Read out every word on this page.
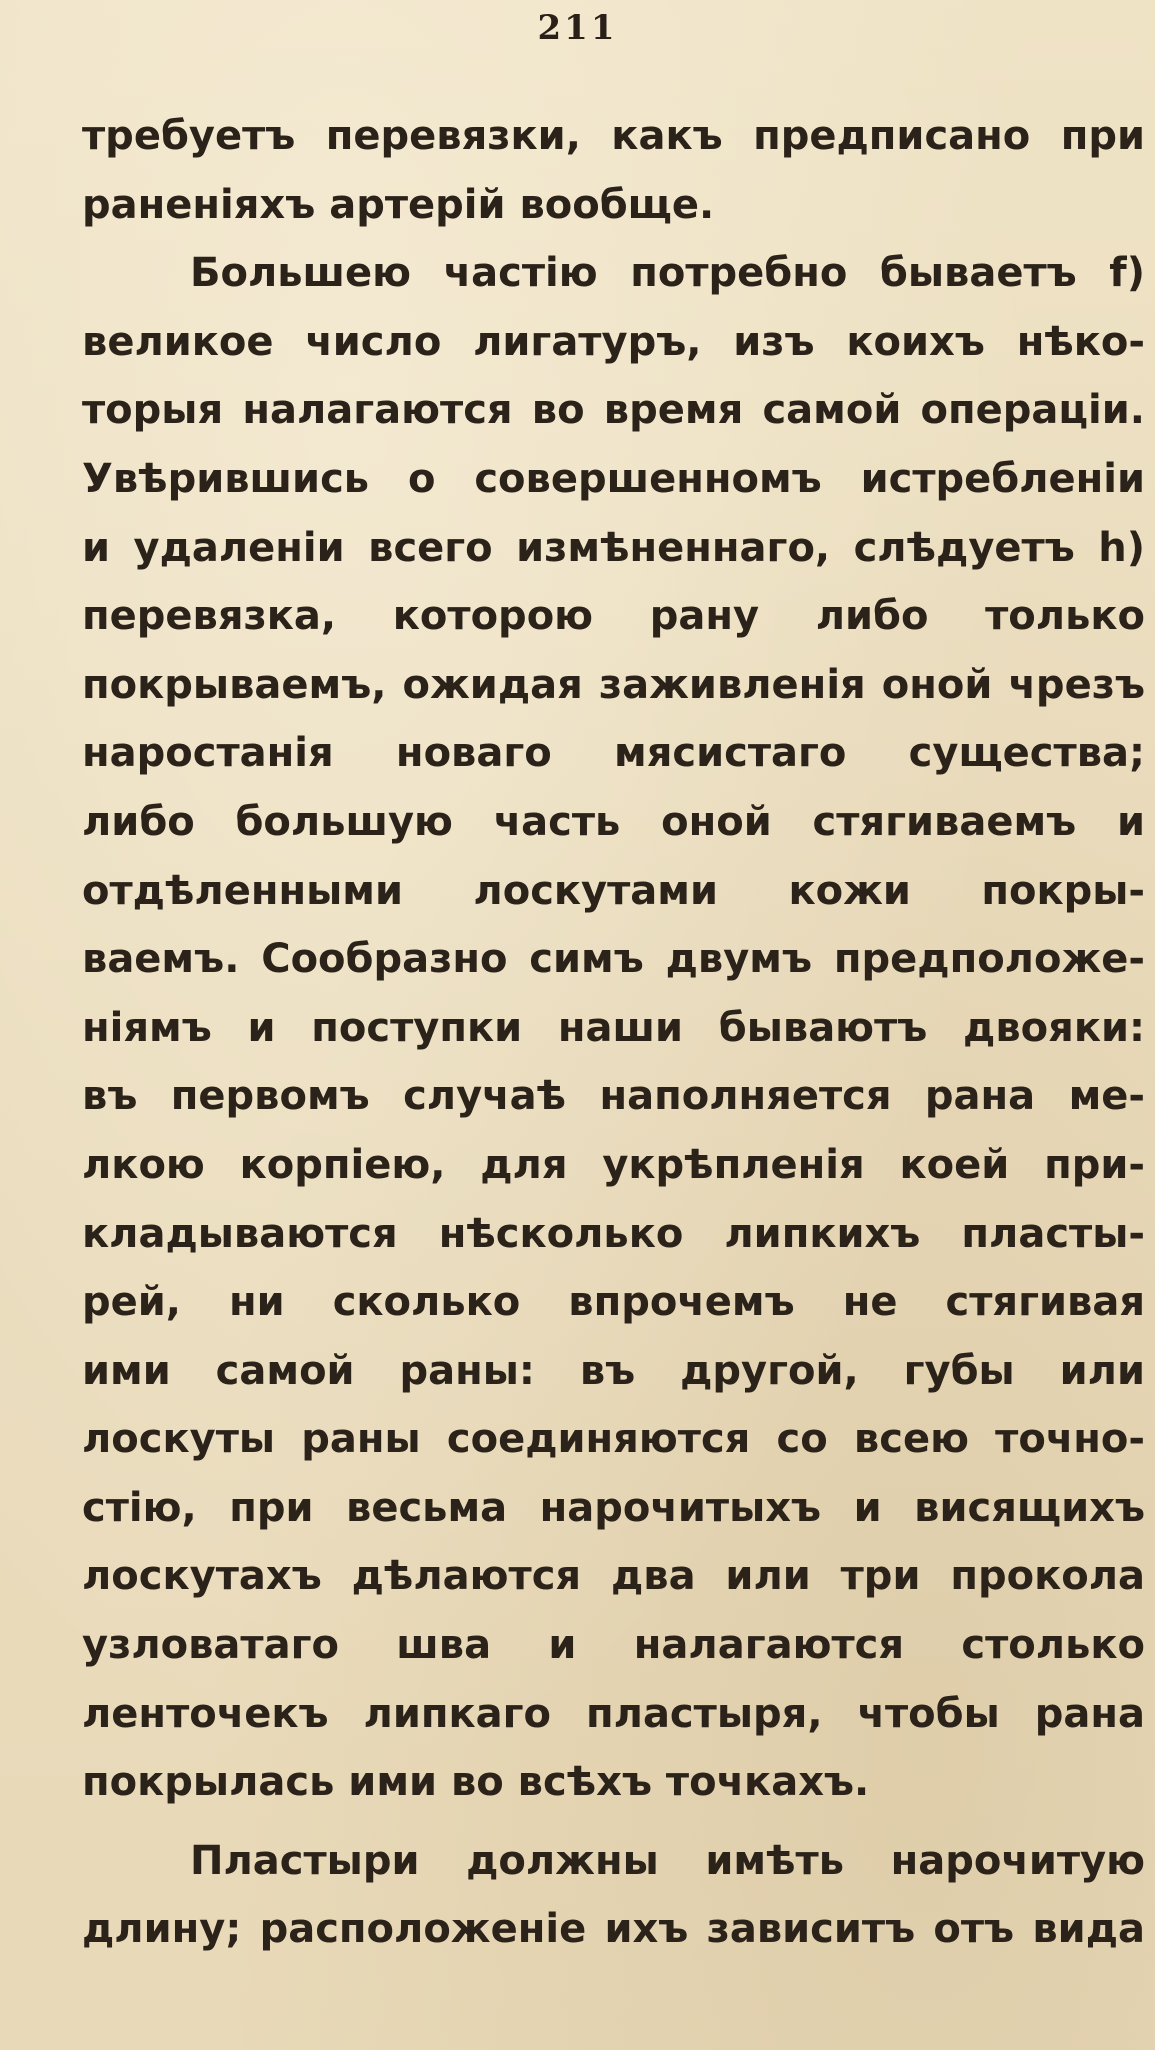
211
требуетъ перевязки, какъ предписано при
раненіяхъ артерій вообще.
Большею частію потребно бываетъ f)
великое число лигатуръ, изъ коихъ нѣко-
торыя налагаются во время самой операціи.
Увѣрившись о совершенномъ истребленіи
и удаленіи всего измѣненнаго, слѣдуетъ h)
перевязка, которою рану либо только
покрываемъ, ожидая заживленія оной чрезъ
наростанія новаго мясистаго существа;
либо большую часть оной стягиваемъ и
отдѣленными лоскутами кожи покры-
ваемъ. Сообразно симъ двумъ предположе-
ніямъ и поступки наши бываютъ двояки:
въ первомъ случаѣ наполняется рана ме-
лкою корпіею, для укрѣпленія коей при-
кладываются нѣсколько липкихъ пласты-
рей, ни сколько впрочемъ не стягивая
ими самой раны: въ другой, губы или
лоскуты раны соединяются со всею точно-
стію, при весьма нарочитыхъ и висящихъ
лоскутахъ дѣлаются два или три прокола
узловатаго шва и налагаются столько
ленточекъ липкаго пластыря, чтобы рана
покрылась ими во всѣхъ точкахъ.
Пластыри должны имѣть нарочитую
длину; расположеніе ихъ зависитъ отъ вида
